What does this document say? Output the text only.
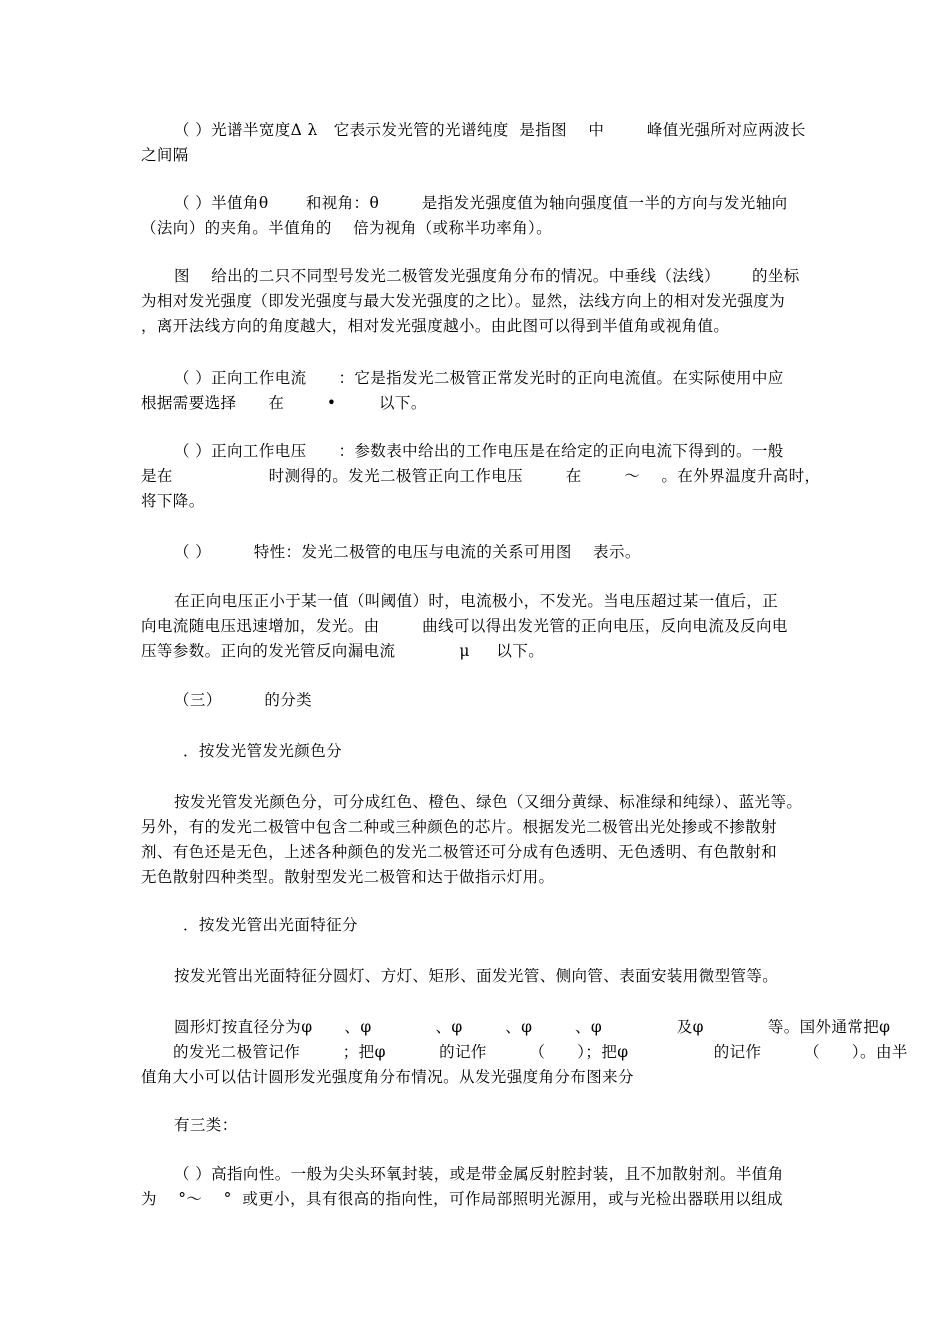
（ ）光谱半宽度Δ λ   它表示发光管的光谱纯度  是指图    中        峰值光强所对应两波长
之间隔
（ ）半值角θ       和视角：θ        是指发光强度值为轴向强度值一半的方向与发光轴向
（法向）的夹角。半值角的    倍为视角（或称半功率角）。
图    给出的二只不同型号发光二极管发光强度角分布的情况。中垂线（法线）      的坐标
为相对发光强度（即发光强度与最大发光强度的之比）。显然，法线方向上的相对发光强度为
，离开法线方向的角度越大，相对发光强度越小。由此图可以得到半值角或视角值。
（ ）正向工作电流      ：它是指发光二极管正常发光时的正向电流值。在实际使用中应
根据需要选择      在        •        以下。
（ ）正向工作电压      ：参数表中给出的工作电压是在给定的正向电流下得到的。一般
是在                  时测得的。发光二极管正向工作电压        在        ～    。在外界温度升高时，
将下降。
（ ）        特性：发光二极管的电压与电流的关系可用图    表示。
在正向电压正小于某一值（叫阈值）时，电流极小，不发光。当电压超过某一值后，正
向电流随电压迅速增加，发光。由        曲线可以得出发光管的正向电压，反向电流及反向电
压等参数。正向的发光管反向漏电流            μ     以下。
（三）        的分类
．按发光管发光颜色分
按发光管发光颜色分，可分成红色、橙色、绿色（又细分黄绿、标准绿和纯绿）、蓝光等。
另外，有的发光二极管中包含二种或三种颜色的芯片。根据发光二极管出光处掺或不掺散射
剂、有色还是无色，上述各种颜色的发光二极管还可分成有色透明、无色透明、有色散射和
无色散射四种类型。散射型发光二极管和达于做指示灯用。
．按发光管出光面特征分
按发光管出光面特征分圆灯、方灯、矩形、面发光管、侧向管、表面安装用微型管等。
圆形灯按直径分为φ      、φ            、φ        、φ        、φ              及φ            等。国外通常把φ
的发光二极管记作        ；把φ          的记作        （      ）；把φ                的记作        （      ）。由半
值角大小可以估计圆形发光强度角分布情况。从发光强度角分布图来分
有三类：
（ ）高指向性。一般为尖头环氧封装，或是带金属反射腔封装，且不加散射剂。半值角
为    °～    °  或更小，具有很高的指向性，可作局部照明光源用，或与光检出器联用以组成
